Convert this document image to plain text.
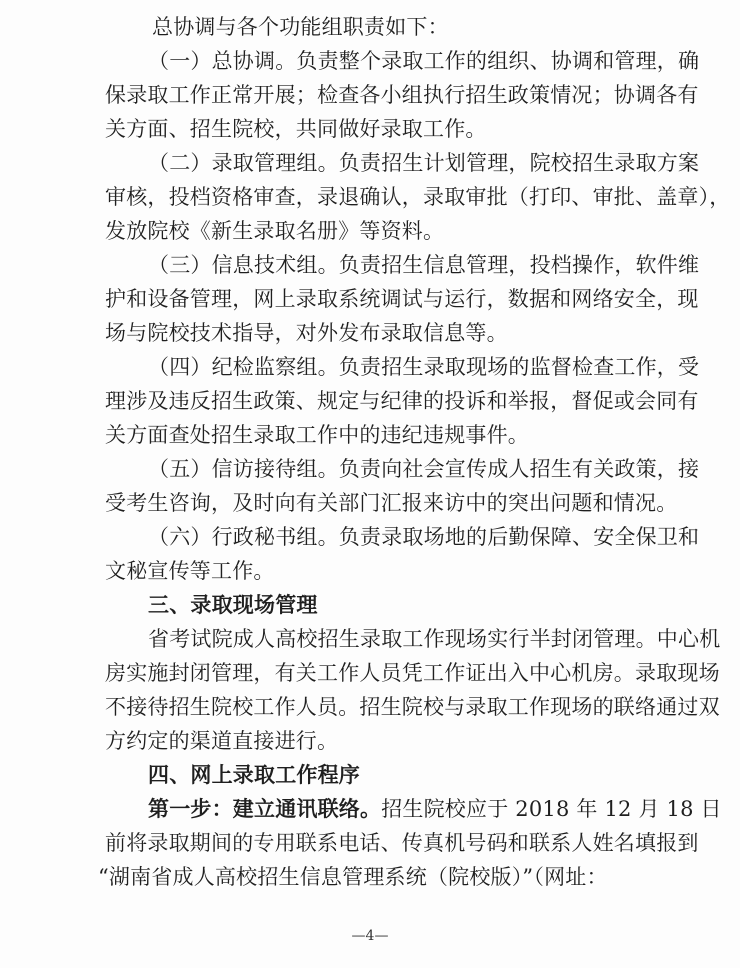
总协调与各个功能组职责如下：
（一）总协调。负责整个录取工作的组织、协调和管理，确
保录取工作正常开展；检查各小组执行招生政策情况；协调各有
关方面、招生院校，共同做好录取工作。
（二）录取管理组。负责招生计划管理，院校招生录取方案
审核，投档资格审查，录退确认，录取审批（打印、审批、盖章），
发放院校《新生录取名册》等资料。
（三）信息技术组。负责招生信息管理，投档操作，软件维
护和设备管理，网上录取系统调试与运行，数据和网络安全，现
场与院校技术指导，对外发布录取信息等。
（四）纪检监察组。负责招生录取现场的监督检查工作，受
理涉及违反招生政策、规定与纪律的投诉和举报，督促或会同有
关方面查处招生录取工作中的违纪违规事件。
（五）信访接待组。负责向社会宣传成人招生有关政策，接
受考生咨询，及时向有关部门汇报来访中的突出问题和情况。
（六）行政秘书组。负责录取场地的后勤保障、安全保卫和
文秘宣传等工作。
三、录取现场管理
省考试院成人高校招生录取工作现场实行半封闭管理。中心机
房实施封闭管理，有关工作人员凭工作证出入中心机房。录取现场
不接待招生院校工作人员。招生院校与录取工作现场的联络通过双
方约定的渠道直接进行。
四、网上录取工作程序
第一步：建立通讯联络。招生院校应于 2018 年 12 月 18 日
前将录取期间的专用联系电话、传真机号码和联系人姓名填报到
“湖南省成人高校招生信息管理系统（院校版）”（网址：
—4—
